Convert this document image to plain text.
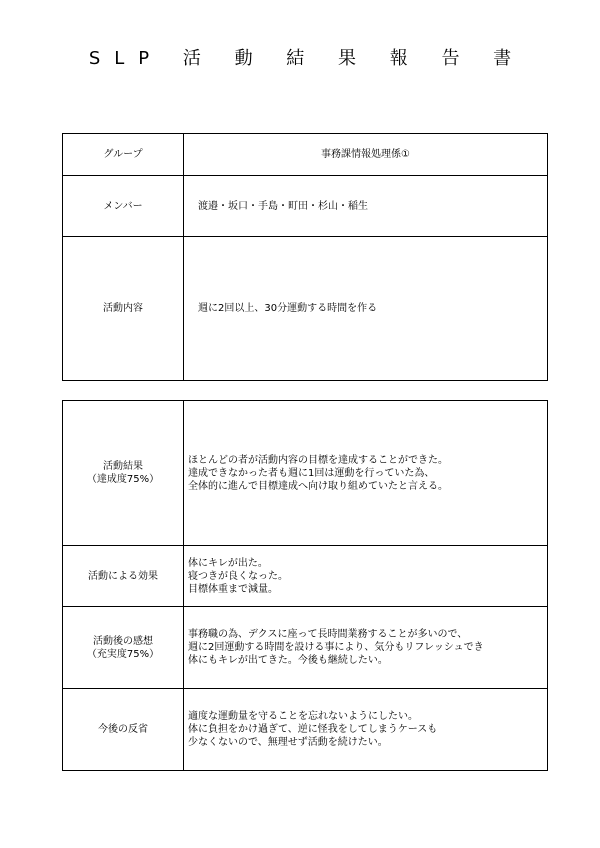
SLP 活 動 結 果 報 告 書
グループ	事務課情報処理係①
メンバー	渡邉・坂口・手島・町田・杉山・稲生
活動内容	週に2回以上、30分運動する時間を作る
活動結果
（達成度75%）	ほとんどの者が活動内容の目標を達成することができた。
達成できなかった者も週に1回は運動を行っていた為、
全体的に進んで目標達成へ向け取り組めていたと言える。

活動による効果	体にキレが出た。
寝つきが良くなった。
目標体重まで減量。

活動後の感想
（充実度75%）	事務職の為、デクスに座って長時間業務することが多いので、
週に2回運動する時間を設ける事により、気分もリフレッシュでき
体にもキレが出てきた。今後も継続したい。

今後の反省	適度な運動量を守ることを忘れないようにしたい。
体に負担をかけ過ぎて、逆に怪我をしてしまうケースも
少なくないので、無理せず活動を続けたい。
